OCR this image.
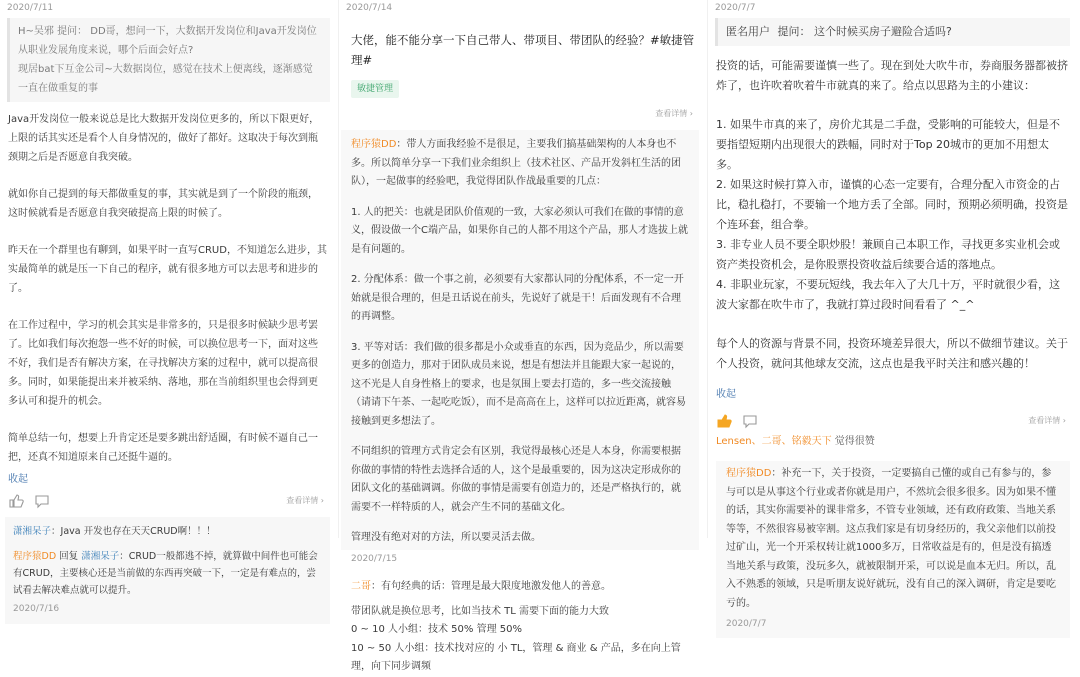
2020/7/11
H~吴邪 提问： DD哥，想问一下，大数据开发岗位和Java开发岗位从职业发展角度来说，哪个后面会好点?
现居bat下互金公司~大数据岗位，感觉在技术上便离线，逐渐感觉一直在做重复的事

Java开发岗位一般来说总是比大数据开发岗位更多的，所以下限更好，上限的话其实还是看个人自身情况的，做好了都好。这取决于每次到瓶颈期之后是否愿意自我突破。

就如你自己提到的每天都做重复的事，其实就是到了一个阶段的瓶颈，这时候就看是否愿意自我突破提高上限的时候了。

昨天在一个群里也有聊到，如果平时一直写CRUD，不知道怎么进步，其实最简单的就是压一下自己的程序，就有很多地方可以去思考和进步的了。

在工作过程中，学习的机会其实是非常多的，只是很多时候缺少思考罢了。比如我们每次抱怨一些不好的时候，可以换位思考一下，面对这些不好，我们是否有解决方案，在寻找解决方案的过程中，就可以提高很多。同时，如果能提出来并被采纳、落地，那在当前组织里也会得到更多认可和提升的机会。

简单总结一句，想要上升肯定还是要多跳出舒适圈，有时候不逼自己一把，还真不知道原来自己还挺牛逼的。

收起
查看详情 ›
潇湘呆子：Java 开发也存在天天CRUD啊！！！
程序猿DD 回复 潇湘呆子：CRUD一般都逃不掉，就算做中间件也可能会有CRUD，主要核心还是当前做的东西再突破一下，一定是有难点的，尝试看去解决难点就可以提升。
2020/7/16
2020/7/14
大佬，能不能分享一下自己带人、带项目、带团队的经验？#敏捷管理#
敏捷管理
查看详情 ›

程序猿DD：带人方面我经验不是很足，主要我们搞基础架构的人本身也不多。所以简单分享一下我们业余组织上（技术社区、产品开发斜杠生活的团队），一起做事的经验吧，我觉得团队作战最重要的几点：

1. 人的把关：也就是团队价值观的一致，大家必须认可我们在做的事情的意义，假设做一个C端产品，如果你自己的人都不用这个产品，那人才选拔上就是有问题的。

2. 分配体系：做一个事之前，必须要有大家都认同的分配体系，不一定一开始就是很合理的，但是丑话说在前头，先说好了就是干！后面发现有不合理的再调整。

3. 平等对话：我们做的很多都是小众或垂直的东西，因为竞品少，所以需要更多的创造力，那对于团队成员来说，想是有想法并且能跟大家一起说的，这不光是人自身性格上的要求，也是氛围上要去打造的，多一些交流接触（请请下午茶、一起吃吃饭），而不是高高在上，这样可以拉近距离，就容易接触到更多想法了。

不同组织的管理方式肯定会有区别，我觉得最核心还是人本身，你需要根据你做的事情的特性去选择合适的人，这个是最重要的，因为这决定形成你的团队文化的基础调调。你做的事情是需要有创造力的，还是严格执行的，就需要不一样特质的人，就会产生不同的基础文化。

管理没有绝对对的方法，所以要灵活去做。
2020/7/15

二哥：有句经典的话：管理是最大限度地激发他人的善意。

带团队就是换位思考，比如当技术 TL 需要下面的能力大致
0 ~ 10 人小组：技术 50% 管理 50%
10 ~ 50 人小组：技术找对应的 小 TL，管理 & 商业 & 产品，多在向上管理，向下同步调频
2020/7/7
匿名用户 提问： 这个时候买房子避险合适吗?

投资的话，可能需要谨慎一些了。现在到处大吹牛市，券商服务器都被挤炸了，也许吹着吹着牛市就真的来了。给点以思路为主的小建议：

1. 如果牛市真的来了，房价尤其是二手盘，受影响的可能较大，但是不要指望短期内出现很大的跌幅，同时对于Top 20城市的更加不用想太多。
2. 如果这时候打算入市，谨慎的心态一定要有，合理分配入市资金的占比，稳扎稳打，不要输一个地方丢了全部。同时，预期必须明确，投资是个连环套，组合拳。
3. 非专业人员不要全职炒股！兼顾自己本职工作，寻找更多实业机会或资产类投资机会，是你股票投资收益后续要合适的落地点。
4. 非职业玩家，不要玩短线，我去年入了大几十万，平时就很少看，这波大家都在吹牛市了，我就打算过段时间看看了 ^_^

每个人的资源与背景不同，投资环境差异很大，所以不做细节建议。关于个人投资，就问其他球友交流，这点也是我平时关注和感兴趣的！

收起
查看详情 ›
Lensen、二哥、铭毅天下 觉得很赞
程序猿DD：补充一下，关于投资，一定要搞自己懂的或自己有参与的，参与可以是从事这个行业或者你就是用户，不然坑会很多很多。因为如果不懂的话，其实你需要补的课非常多，不管专业领域，还有政府政策、当地关系等等，不然很容易被宰割。这点我们家是有切身经历的，我父亲他们以前投过矿山，光一个开采权转让就1000多万，日常收益是有的，但是没有搞透当地关系与政策，没玩多久，就被限制开采，可以说是血本无归。所以，乱入不熟悉的领域，只是听朋友说好就玩，没有自己的深入调研，肯定是要吃亏的。
2020/7/7
